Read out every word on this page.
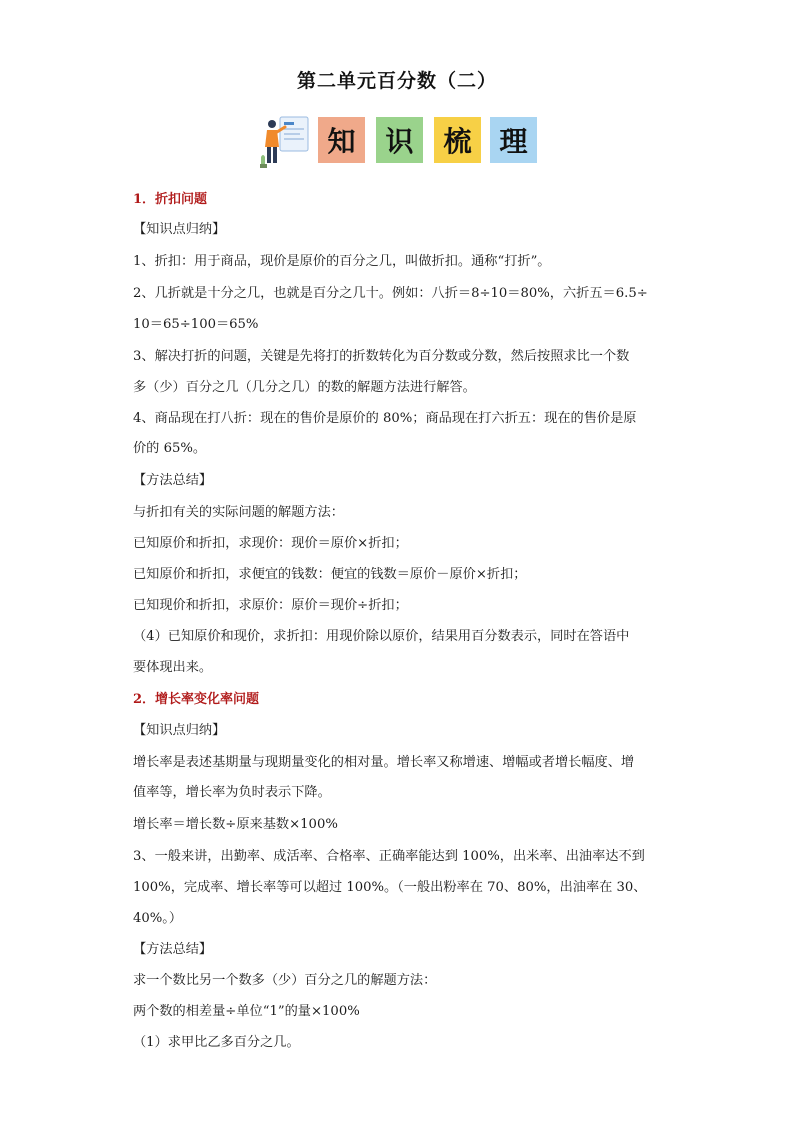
第二单元百分数（二）
知	识	梳 理
1．折扣问题
【知识点归纳】
1、折扣：用于商品，现价是原价的百分之几，叫做折扣。通称“打折”。
2、几折就是十分之几，也就是百分之几十。例如：八折＝8÷10＝80%，六折五＝6.5÷
10＝65÷100＝65%
3、解决打折的问题，关键是先将打的折数转化为百分数或分数，然后按照求比一个数
多（少）百分之几（几分之几）的数的解题方法进行解答。
4、商品现在打八折：现在的售价是原价的 80%；商品现在打六折五：现在的售价是原
价的 65%。
【方法总结】
与折扣有关的实际问题的解题方法：
已知原价和折扣，求现价：现价＝原价×折扣；
已知原价和折扣，求便宜的钱数：便宜的钱数＝原价－原价×折扣；
已知现价和折扣，求原价：原价＝现价÷折扣；
（4）已知原价和现价，求折扣：用现价除以原价，结果用百分数表示，同时在答语中
要体现出来。
2．增长率变化率问题
【知识点归纳】
增长率是表述基期量与现期量变化的相对量。增长率又称增速、增幅或者增长幅度、增
值率等，增长率为负时表示下降。
增长率＝增长数÷原来基数×100%
3、一般来讲，出勤率、成活率、合格率、正确率能达到 100%，出米率、出油率达不到
100%，完成率、增长率等可以超过 100%。（一般出粉率在 70、80%，出油率在 30、
40%。）
【方法总结】
求一个数比另一个数多（少）百分之几的解题方法：
两个数的相差量÷单位“1”的量×100%
（1）求甲比乙多百分之几。
